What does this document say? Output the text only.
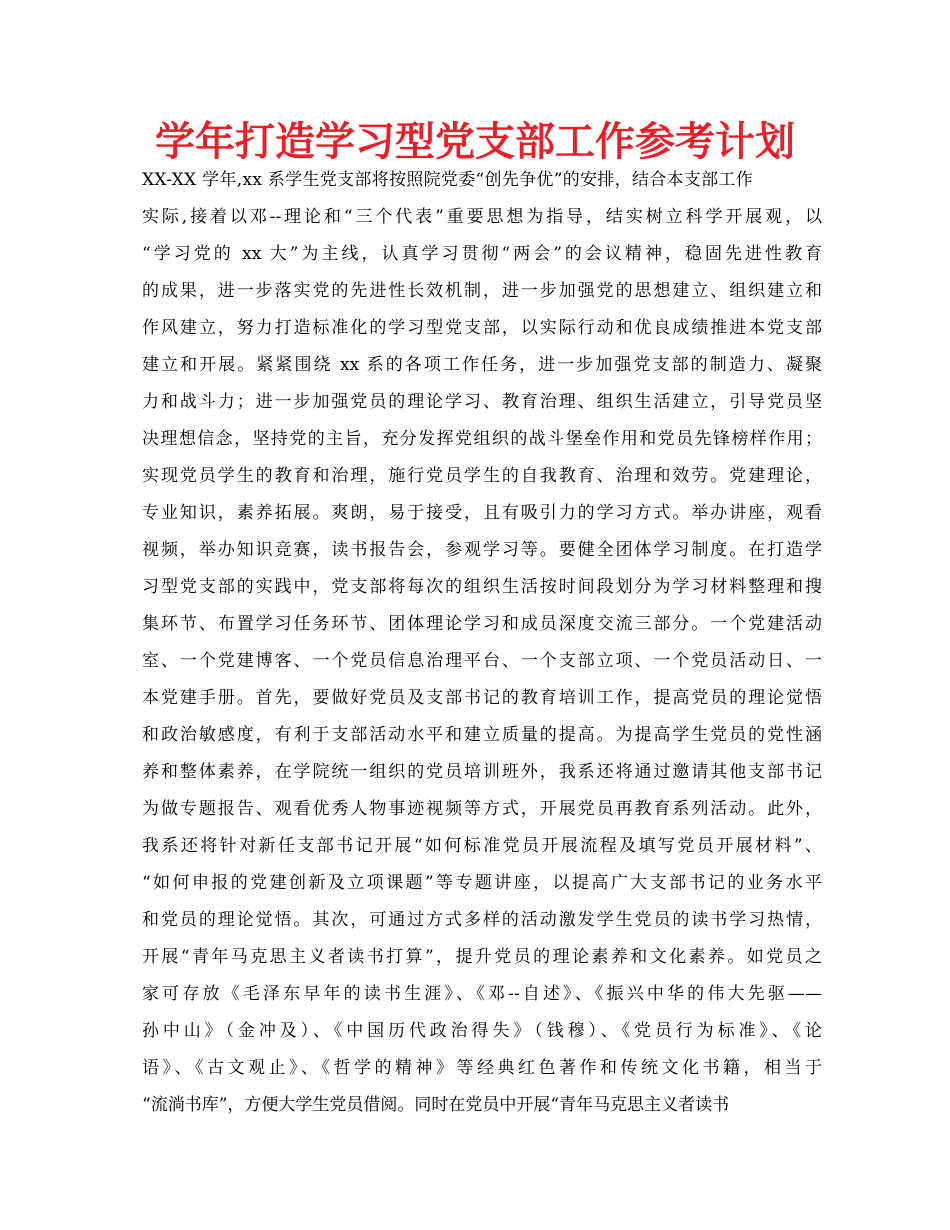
学年打造学习型党支部工作参考计划
XX-XX 学年,xx 系学生党支部将按照院党委“创先争优”的安排，结合本支部工作
实际,接着以邓--理论和“三个代表”重要思想为指导，结实树立科学开展观，以
“学习党的 xx 大”为主线，认真学习贯彻“两会”的会议精神，稳固先进性教育
的成果，进一步落实党的先进性长效机制，进一步加强党的思想建立、组织建立和
作风建立，努力打造标准化的学习型党支部，以实际行动和优良成绩推进本党支部
建立和开展。紧紧围绕 xx 系的各项工作任务，进一步加强党支部的制造力、凝聚
力和战斗力；进一步加强党员的理论学习、教育治理、组织生活建立，引导党员坚
决理想信念，坚持党的主旨，充分发挥党组织的战斗堡垒作用和党员先锋榜样作用；
实现党员学生的教育和治理，施行党员学生的自我教育、治理和效劳。党建理论，
专业知识，素养拓展。爽朗，易于接受，且有吸引力的学习方式。举办讲座，观看
视频，举办知识竞赛，读书报告会，参观学习等。要健全团体学习制度。在打造学
习型党支部的实践中，党支部将每次的组织生活按时间段划分为学习材料整理和搜
集环节、布置学习任务环节、团体理论学习和成员深度交流三部分。一个党建活动
室、一个党建博客、一个党员信息治理平台、一个支部立项、一个党员活动日、一
本党建手册。首先，要做好党员及支部书记的教育培训工作，提高党员的理论觉悟
和政治敏感度，有利于支部活动水平和建立质量的提高。为提高学生党员的党性涵
养和整体素养，在学院统一组织的党员培训班外，我系还将通过邀请其他支部书记
为做专题报告、观看优秀人物事迹视频等方式，开展党员再教育系列活动。此外，
我系还将针对新任支部书记开展“如何标准党员开展流程及填写党员开展材料”、
“如何申报的党建创新及立项课题”等专题讲座，以提高广大支部书记的业务水平
和党员的理论觉悟。其次，可通过方式多样的活动激发学生党员的读书学习热情，
开展“青年马克思主义者读书打算”，提升党员的理论素养和文化素养。如党员之
家可存放《毛泽东早年的读书生涯》、《邓--自述》、《振兴中华的伟大先驱——
孙中山》（金冲及）、《中国历代政治得失》（钱穆）、《党员行为标准》、《论
语》、《古文观止》、《哲学的精神》等经典红色著作和传统文化书籍，相当于
“流淌书库”，方便大学生党员借阅。同时在党员中开展“青年马克思主义者读书
